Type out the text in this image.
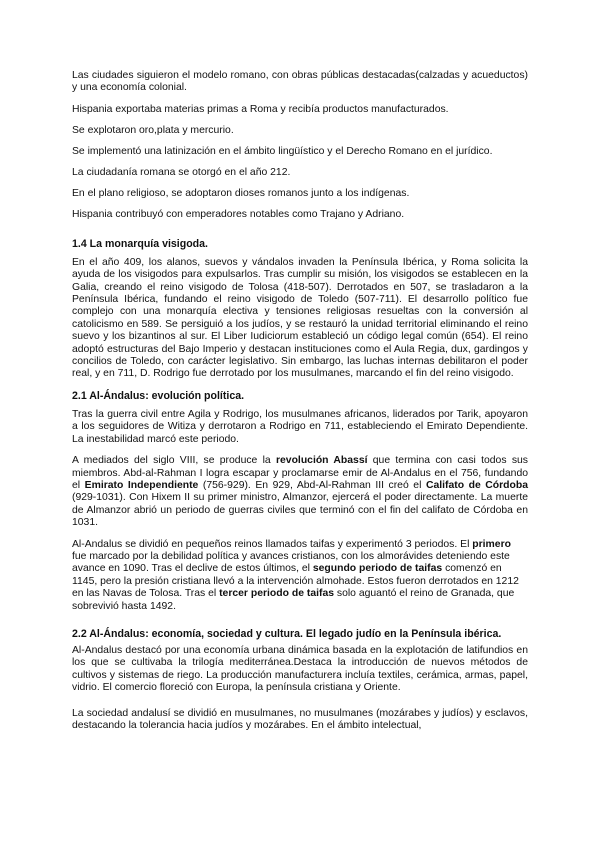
Las ciudades siguieron el modelo romano, con obras públicas destacadas(calzadas y acueductos) y una economía colonial.

Hispania exportaba materias primas a Roma y recibía productos manufacturados.

Se explotaron oro,plata y mercurio.

Se implementó una latinización en el ámbito lingüístico y el Derecho Romano en el jurídico.

La ciudadanía romana se otorgó en el año 212.

En el plano religioso, se adoptaron dioses romanos junto a los indígenas.

Hispania contribuyó con emperadores notables como Trajano y Adriano.

1.4 La monarquía visigoda.

En el año 409, los alanos, suevos y vándalos invaden la Península Ibérica, y Roma solicita la ayuda de los visigodos para expulsarlos. Tras cumplir su misión, los visigodos se establecen en la Galia, creando el reino visigodo de Tolosa (418-507). Derrotados en 507, se trasladaron a la Península Ibérica, fundando el reino visigodo de Toledo (507-711). El desarrollo político fue complejo con una monarquía electiva y tensiones religiosas resueltas con la conversión al catolicismo en 589. Se persiguió a los judíos, y se restauró la unidad territorial eliminando el reino suevo y los bizantinos al sur. El Liber Iudiciorum estableció un código legal común (654). El reino adoptó estructuras del Bajo Imperio y destacan instituciones como el Aula Regia, dux, gardingos y concilios de Toledo, con carácter legislativo. Sin embargo, las luchas internas debilitaron el poder real, y en 711, D. Rodrigo fue derrotado por los musulmanes, marcando el fin del reino visigodo.

2.1 Al-Ándalus: evolución política.

Tras la guerra civil entre Agila y Rodrigo, los musulmanes africanos, liderados por Tarik, apoyaron a los seguidores de Witiza y derrotaron a Rodrigo en 711, estableciendo el Emirato Dependiente. La inestabilidad marcó este periodo.

A mediados del siglo VIII, se produce la revolución Abassí que termina con casi todos sus miembros. Abd-al-Rahman I logra escapar y proclamarse emir de Al-Andalus en el 756, fundando el Emirato Independiente (756-929). En 929, Abd-Al-Rahman III creó el Califato de Córdoba (929-1031). Con Hixem II su primer ministro, Almanzor, ejercerá el poder directamente. La muerte de Almanzor abrió un periodo de guerras civiles que terminó con el fin del califato de Córdoba en 1031.

Al-Andalus se dividió en pequeños reinos llamados taifas y experimentó 3 periodos. El primero fue marcado por la debilidad política y avances cristianos, con los almorávides deteniendo este avance en 1090. Tras el declive de estos últimos, el segundo periodo de taifas comenzó en 1145, pero la presión cristiana llevó a la intervención almohade. Estos fueron derrotados en 1212 en las Navas de Tolosa. Tras el tercer periodo de taifas solo aguantó el reino de Granada, que sobrevivió hasta 1492.

2.2 Al-Ándalus: economía, sociedad y cultura. El legado judío en la Península ibérica.

Al-Andalus destacó por una economía urbana dinámica basada en la explotación de latifundios en los que se cultivaba la trilogía mediterránea.Destaca la introducción de nuevos métodos de cultivos y sistemas de riego. La producción manufacturera incluía textiles, cerámica, armas, papel, vidrio. El comercio floreció con Europa, la península cristiana y Oriente.

La sociedad andalusí se dividió en musulmanes, no musulmanes (mozárabes y judíos) y esclavos, destacando la tolerancia hacia judíos y mozárabes. En el ámbito intelectual,
